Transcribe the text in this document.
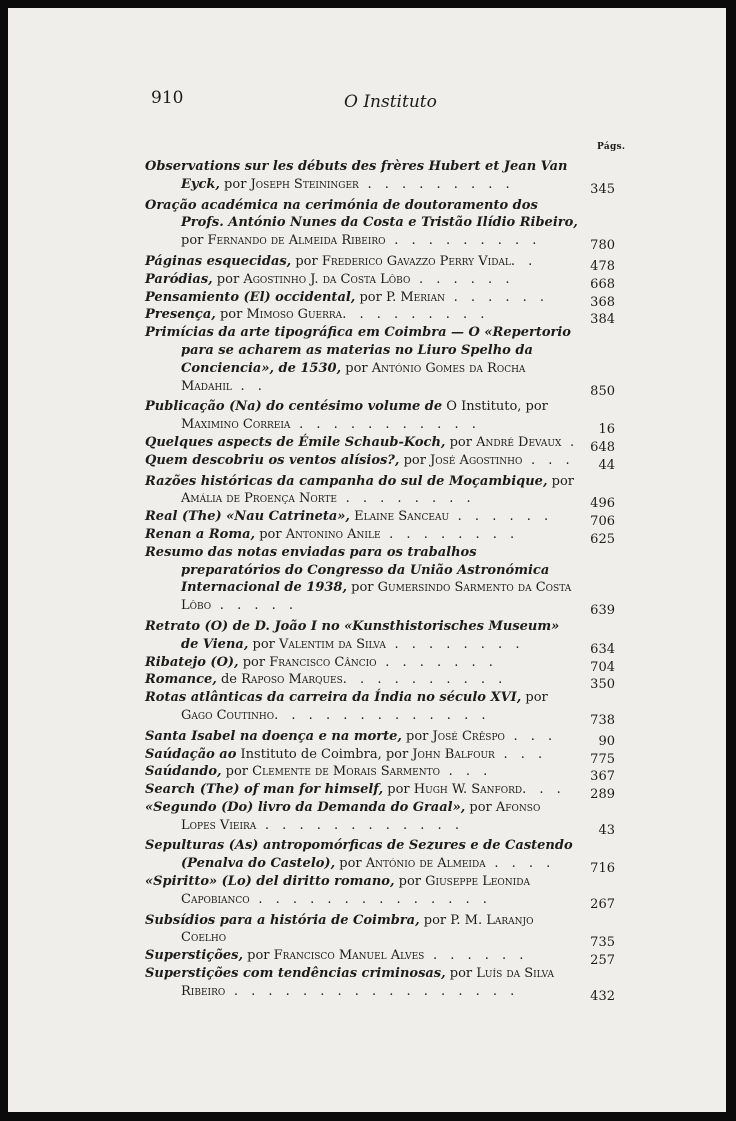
910	O Instituto
Págs.
Observations sur les débuts des frères Hubert et Jean Van Eyck, por Joseph Steininger . . . . . . . . .	345
Oração académica na cerimónia de doutoramento dos Profs. António Nunes da Costa e Tristão Ilídio Ribeiro, por Fernando de Almeida Ribeiro . . . . . . . . .	780
Páginas esquecidas, por Frederico Gavazzo Perry Vidal. .	478
Paródias, por Agostinho J. da Costa Lôbo . . . . . .	668
Pensamiento (El) occidental, por P. Merian . . . . . .	368
Presença, por Mimoso Guerra. . . . . . . . .	384
Primícias da arte tipográfica em Coimbra — O «Repertorio para se acharem as materias no Liuro Spelho da Conciencia», de 1530, por António Gomes da Rocha Madahil . .	850
Publicação (Na) do centésimo volume de O Instituto, por Maximino Correia . . . . . . . . . . .	16
Quelques aspects de Émile Schaub-Koch, por André Devaux . 648
Quem descobriu os ventos alísios?, por José Agostinho . . . 44
Razões históricas da campanha do sul de Moçambique, por Amália de Proença Norte . . . . . . . .	496
Real (The) «Nau Catrineta», Elaine Sanceau . . . . . .	706
Renan a Roma, por Antonino Anile . . . . . . . .	625
Resumo das notas enviadas para os trabalhos preparatórios do Congresso da União Astronómica Internacional de 1938, por Gumersindo Sarmento da Costa Lôbo . . . . .	639
Retrato (O) de D. João I no «Kunsthistorisches Museum» de Viena, por Valentim da Silva . . . . . . . .	634
Ribatejo (O), por Francisco Câncio . . . . . . .	704
Romance, de Raposo Marques. . . . . . . . . .	350
Rotas atlânticas da carreira da Índia no século XVI, por Gago Coutinho. . . . . . . . . . . . .	738
Santa Isabel na doença e na morte, por José Crêspo . . .	90
Saúdação ao Instituto de Coimbra, por John Balfour . . .	775
Saúdando, por Clemente de Morais Sarmento . . .	367
Search (The) of man for himself, por Hugh W. Sanford. . . 289
«Segundo (Do) livro da Demanda do Graal», por Afonso Lopes Vieira . . . . . . . . . . . .	43
Sepulturas (As) antropomórficas de Sezures e de Castendo (Penalva do Castelo), por António de Almeida . . . .	716
«Spiritto» (Lo) del diritto romano, por Giuseppe Leonida Capobianco . . . . . . . . . . . . . .	267
Subsídios para a história de Coimbra, por P. M. Laranjo Coelho	735
Superstições, por Francisco Manuel Alves . . . . . .	257
Superstições com tendências criminosas, por Luís da Silva Ribeiro . . . . . . . . . . . . . . . . .	432
